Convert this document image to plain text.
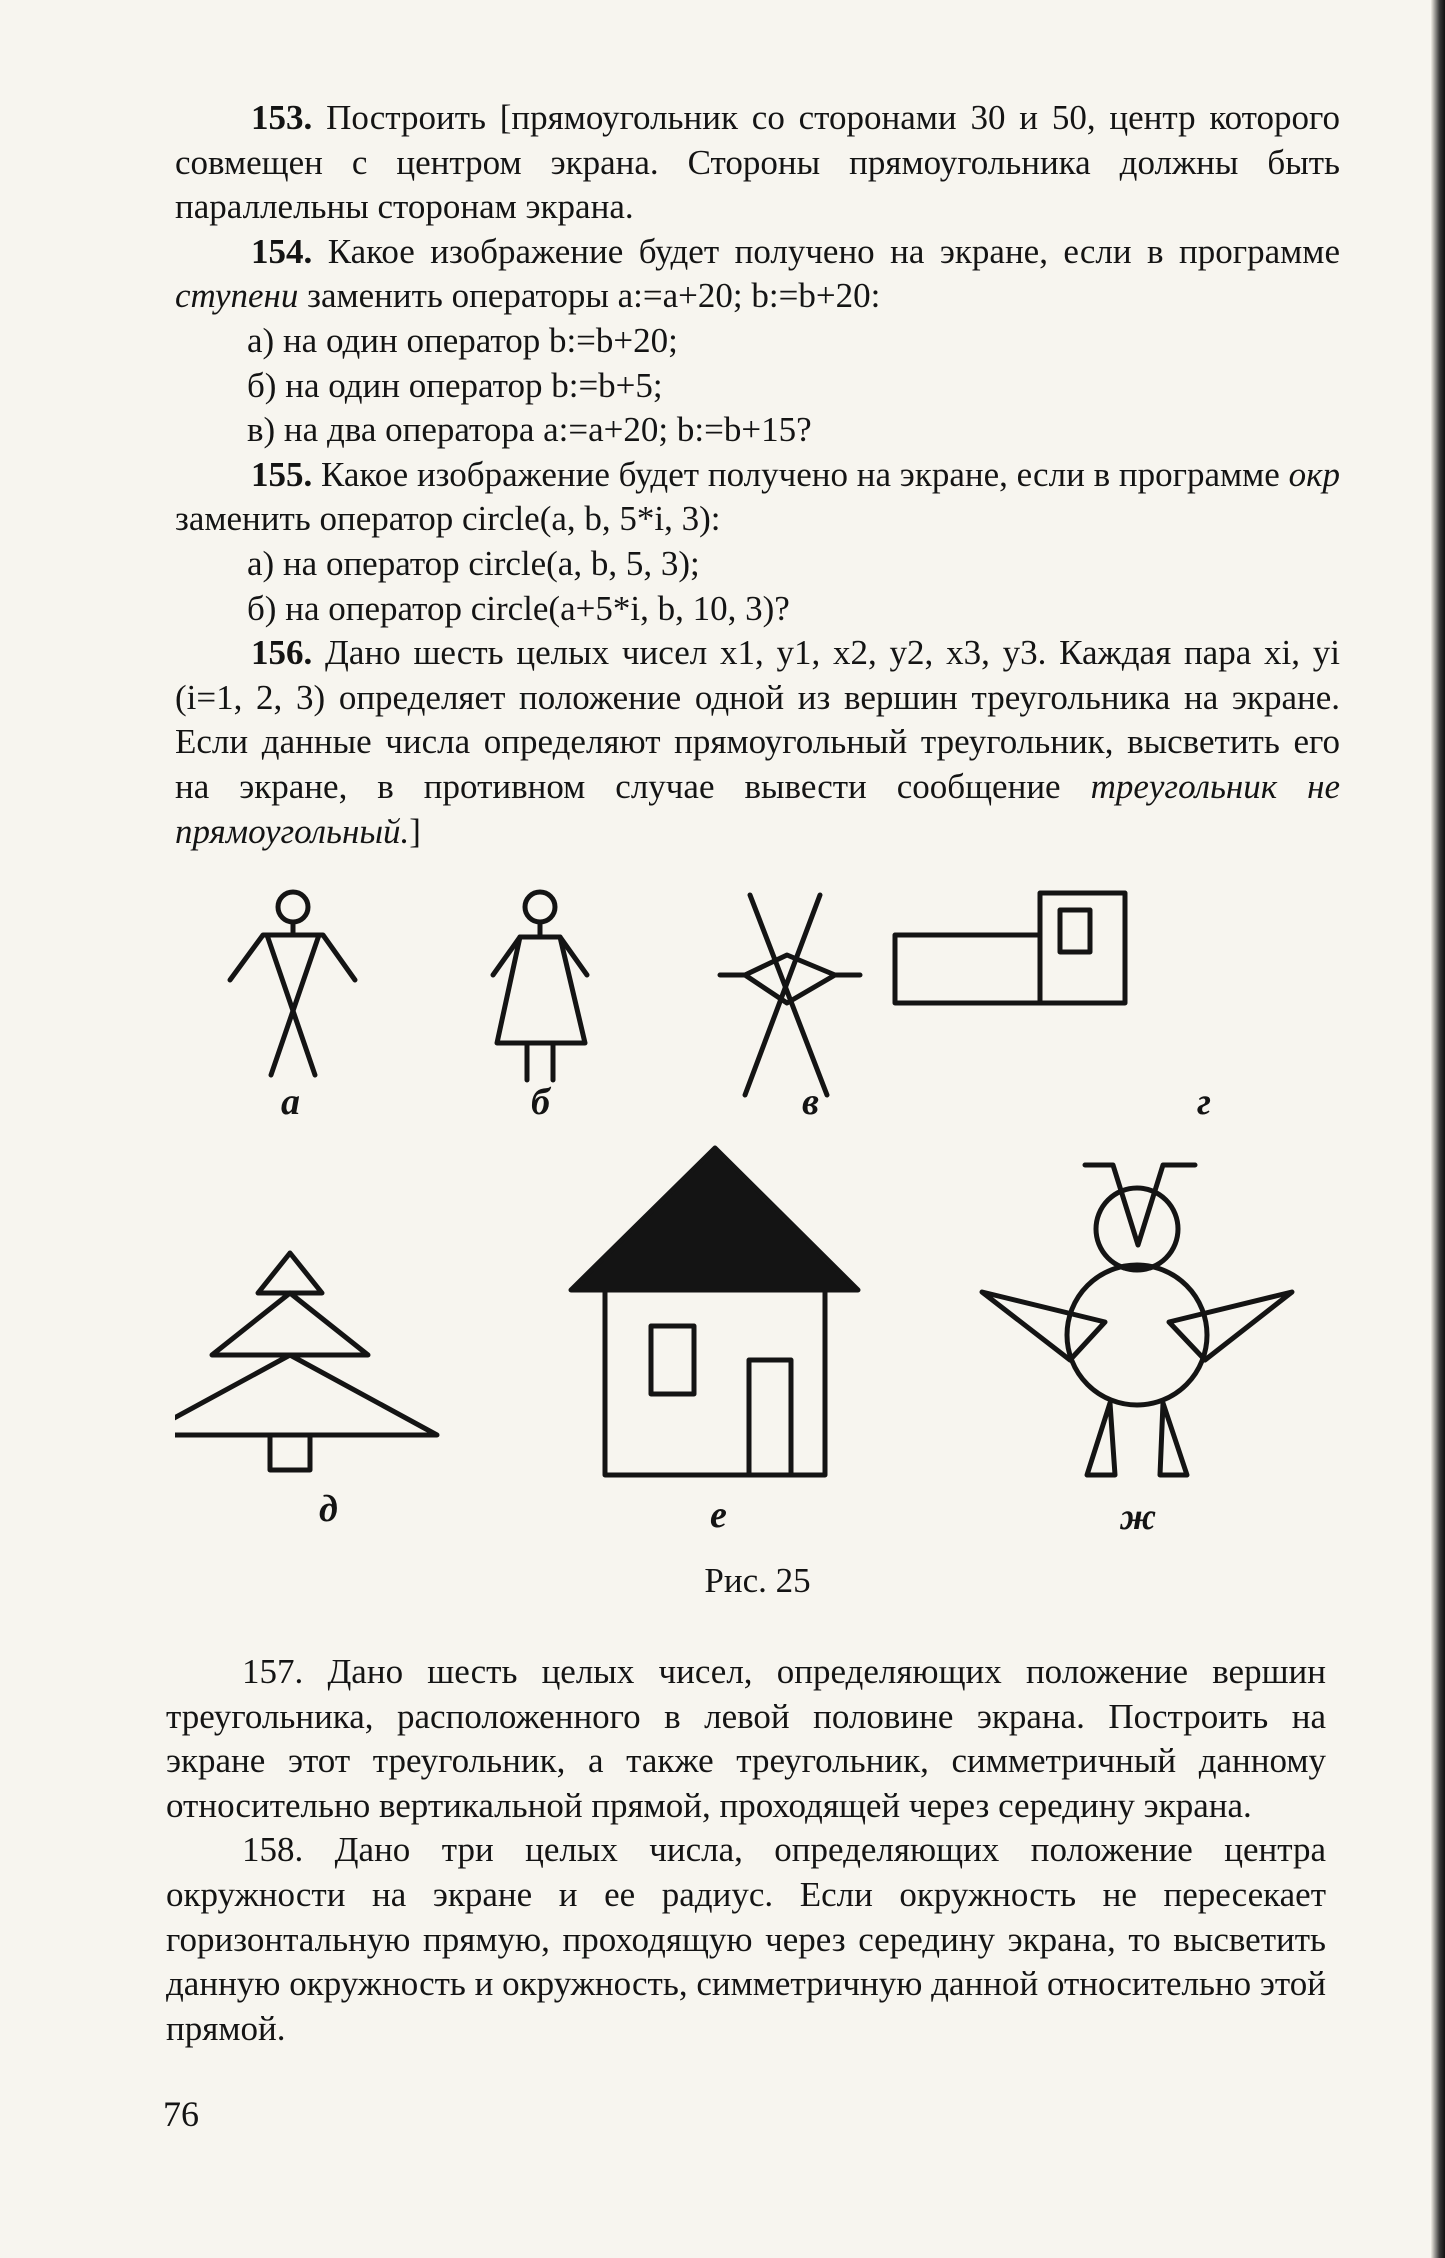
153. Построить [прямоугольник со сторонами 30 и 50, центр которого совмещен с центром экрана. Стороны прямоугольника должны быть параллельны сторонам экрана.

154. Какое изображение будет получено на экране, если в программе ступени заменить операторы a:=a+20; b:=b+20:

а) на один оператор b:=b+20;

б) на один оператор b:=b+5;

в) на два оператора a:=a+20; b:=b+15?

155. Какое изображение будет получено на экране, если в программе окр заменить оператор circle(a, b, 5*i, 3):

а) на оператор circle(a, b, 5, 3);

б) на оператор circle(a+5*i, b, 10, 3)?

156. Дано шесть целых чисел x1, y1, x2, y2, x3, y3. Каждая пара xi, yi (i=1, 2, 3) определяет положение одной из вершин треугольника на экране. Если данные числа определяют прямоугольный треугольник, высветить его на экране, в противном случае вывести сообщение треугольник не прямоугольный.]

а	б	в	г
д	е	ж
Рис. 25

157. Дано шесть целых чисел, определяющих положение вершин треугольника, расположенного в левой половине экрана. Построить на экране этот треугольник, а также треугольник, симметричный данному относительно вертикальной прямой, проходящей через середину экрана.

158. Дано три целых числа, определяющих положение центра окружности на экране и ее радиус. Если окружность не пересекает горизонтальную прямую, проходящую через середину экрана, то высветить данную окружность и окружность, симметричную данной относительно этой прямой.

76
